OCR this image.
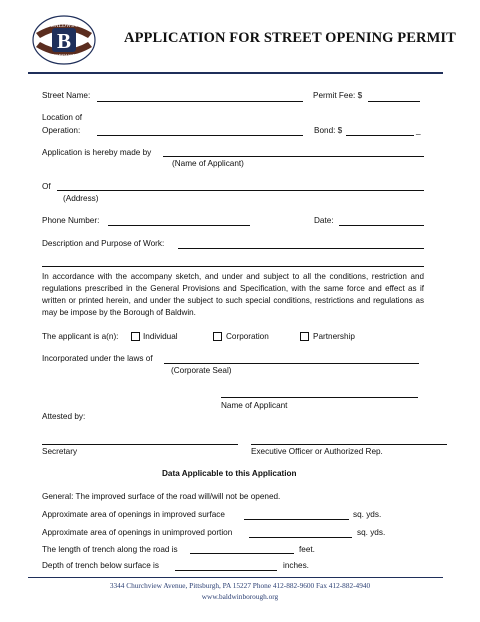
B
BALDWIN
BOROUGH
1950	APPLICATION FOR STREET OPENING PERMIT
Street Name:	Permit Fee: $
Location of
Operation:	Bond: $	_
Application is hereby made by
(Name of Applicant)
Of
(Address)
Phone Number:	Date:
Description and Purpose of Work:
In accordance with the accompany sketch, and under and subject to all the conditions, restriction and regulations prescribed in the General Provisions and Specification, with the same force and effect as if written or printed herein, and under the subject to such special conditions, restrictions and regulations as may be impose by the Borough of Baldwin.
The applicant is a(n):	Individual	Corporation	Partnership
Incorporated under the laws of
(Corporate Seal)
Name of Applicant
Attested by:
Secretary	Executive Officer or Authorized Rep.
Data Applicable to this Application
General: The improved surface of the road will/will not be opened.
Approximate area of openings in improved surface	sq. yds.
Approximate area of openings in unimproved portion	sq. yds.
The length of trench along the road is	feet.
Depth of trench below surface is	inches.
3344 Churchview Avenue, Pittsburgh, PA 15227 Phone 412-882-9600 Fax 412-882-4940
www.baldwinborough.org
